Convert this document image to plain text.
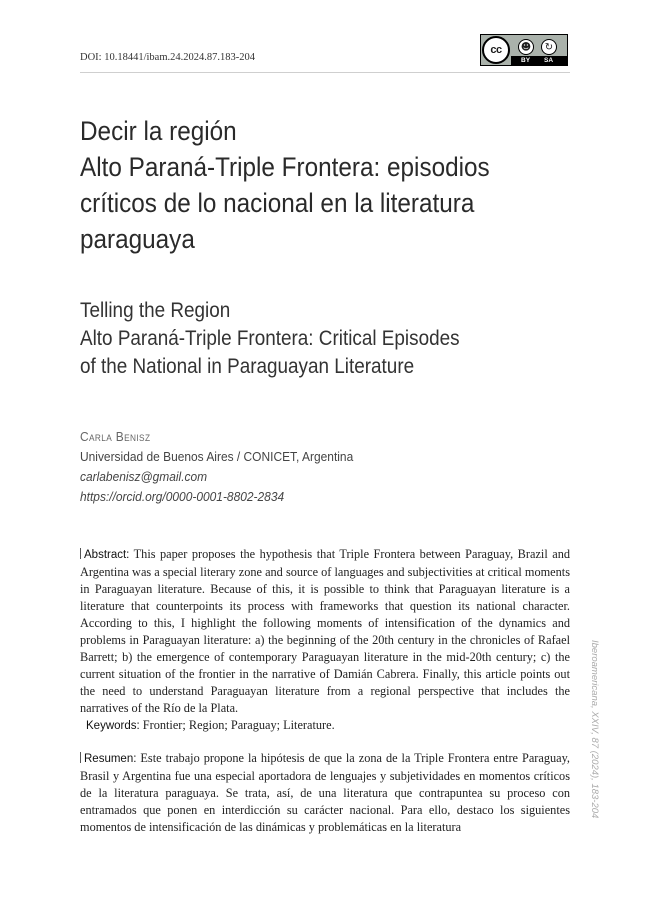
DOI: 10.18441/ibam.24.2024.87.183-204
cc	☻	↻
BY SA
Decir la región
Alto Paraná-Triple Frontera: episodios
críticos de lo nacional en la literatura
paraguaya
Telling the Region
Alto Paraná-Triple Frontera: Critical Episodes
of the National in Paraguayan Literature
Carla Benisz
Universidad de Buenos Aires / CONICET, Argentina
carlabenisz@gmail.com
https://orcid.org/0000-0001-8802-2834

Abstract: This paper proposes the hypothesis that Triple Frontera between Paraguay, Brazil and Argentina was a special literary zone and source of languages and subjectivities at critical moments in Paraguayan literature. Because of this, it is possible to think that Paraguayan literature is a literature that counterpoints its process with frameworks that question its national character. According to this, I highlight the following moments of intensification of the dynamics and problems in Paraguayan literature: a) the beginning of the 20th century in the chronicles of Rafael Barrett; b) the emergence of contemporary Paraguayan literature in the mid-20th century; c) the current situation of the frontier in the narrative of Damián Cabrera. Finally, this article points out the need to understand Paraguayan literature from a regional perspective that includes the narratives of the Río de la Plata.

Keywords: Frontier; Region; Paraguay; Literature.

Resumen: Este trabajo propone la hipótesis de que la zona de la Triple Frontera entre Paraguay, Brasil y Argentina fue una especial aportadora de lenguajes y subjetividades en momentos críticos de la literatura paraguaya. Se trata, así, de una literatura que contrapuntea su proceso con entramados que ponen en interdicción su carácter nacional. Para ello, destaco los siguientes momentos de intensificación de las dinámicas y problemáticas en la literatura

Iberoamericana, XXIV, 87 (2024), 183-204
